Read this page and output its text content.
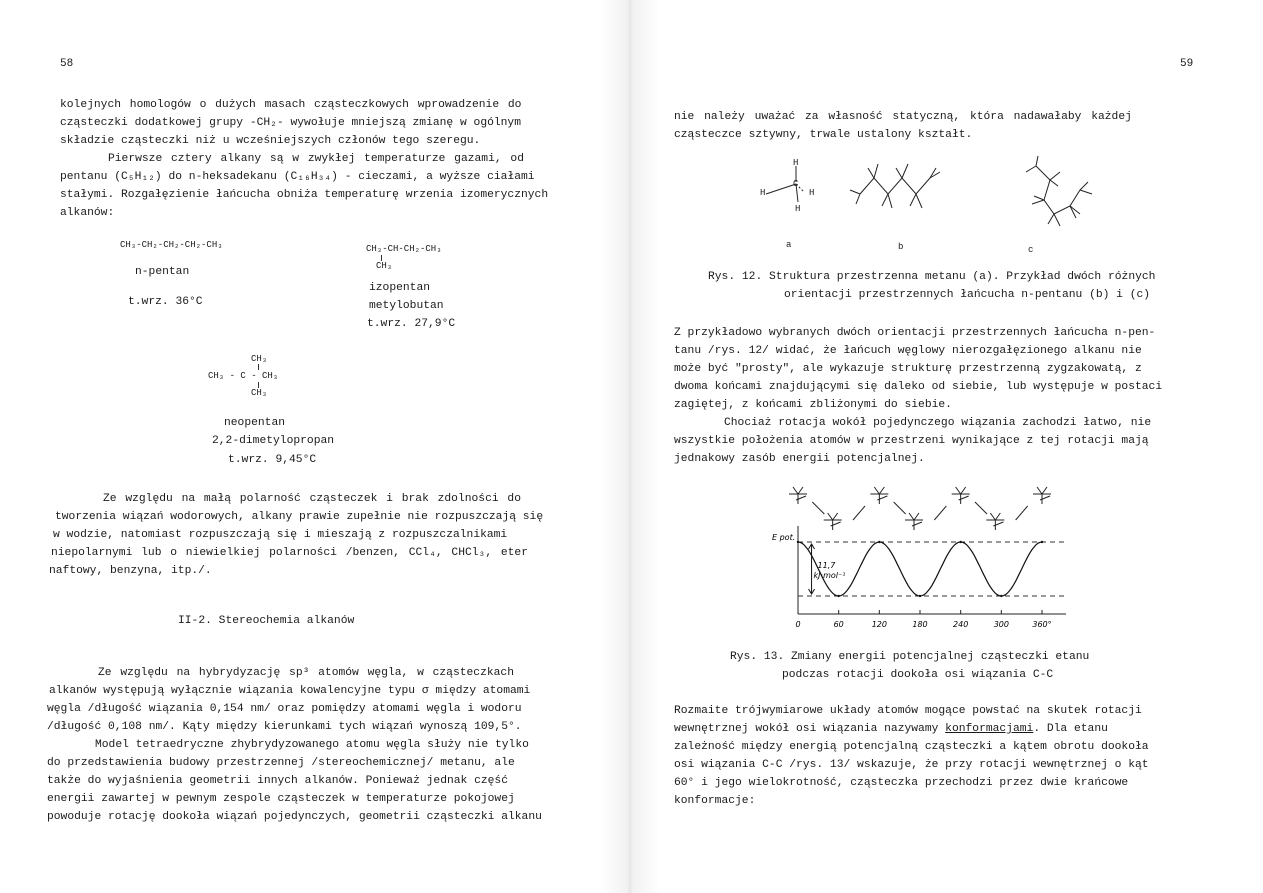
58
kolejnych homologów o dużych masach cząsteczkowych wprowadzenie do
cząsteczki dodatkowej grupy -CH₂- wywołuje mniejszą zmianę w ogólnym
składzie cząsteczki niż u wcześniejszych członów tego szeregu.
Pierwsze cztery alkany są w zwykłej temperaturze gazami, od
pentanu (C₅H₁₂) do n-heksadekanu (C₁₆H₃₄) - cieczami, a wyższe ciałami
stałymi. Rozgałęzienie łańcucha obniża temperaturę wrzenia izomerycznych
alkanów:
CH₃-CH₂-CH₂-CH₂-CH₃
n-pentan
t.wrz. 36°C
CH₃-CH-CH₂-CH₃
CH₃
izopentan
metylobutan
t.wrz. 27,9°C
CH₃
CH₃ - C - CH₃
CH₃
neopentan
2,2-dimetylopropan
t.wrz. 9,45°C
Ze względu na małą polarność cząsteczek i brak zdolności do
tworzenia wiązań wodorowych, alkany prawie zupełnie nie rozpuszczają się
w wodzie, natomiast rozpuszczają się i mieszają z rozpuszczalnikami
niepolarnymi lub o niewielkiej polarności /benzen, CCl₄, CHCl₃, eter
naftowy, benzyna, itp./.
II-2. Stereochemia alkanów
Ze względu na hybrydyzację sp³ atomów węgla, w cząsteczkach
alkanów występują wyłącznie wiązania kowalencyjne typu σ między atomami
węgla /długość wiązania 0,154 nm/ oraz pomiędzy atomami węgla i wodoru
/długość 0,108 nm/. Kąty między kierunkami tych wiązań wynoszą 109,5°.
Model tetraedryczne zhybrydyzowanego atomu węgla służy nie tylko
do przedstawienia budowy przestrzennej /stereochemicznej/ metanu, ale
także do wyjaśnienia geometrii innych alkanów. Ponieważ jednak część
energii zawartej w pewnym zespole cząsteczek w temperaturze pokojowej
powoduje rotację dookoła wiązań pojedynczych, geometrii cząsteczki alkanu
59
nie należy uważać za własność statyczną, która nadawałaby każdej
cząsteczce sztywny, trwale ustalony kształt.
H
C
H	H
H
a	b	c
Rys. 12. Struktura przestrzenna metanu (a). Przykład dwóch różnych
orientacji przestrzennych łańcucha n-pentanu (b) i (c)
Z przykładowo wybranych dwóch orientacji przestrzennych łańcucha n-pen-
tanu /rys. 12/ widać, że łańcuch węglowy nierozgałęzionego alkanu nie
może być "prosty", ale wykazuje strukturę przestrzenną zygzakowatą, z
dwoma końcami znajdującymi się daleko od siebie, lub występuje w postaci
zagiętej, z końcami zbliżonymi do siebie.
Chociaż rotacja wokół pojedynczego wiązania zachodzi łatwo, nie
wszystkie położenia atomów w przestrzeni wynikające z tej rotacji mają
jednakowy zasób energii potencjalnej.
0	60	120	180	240	300	360°
E pot.
11,7
kJ·mol⁻¹
Rys. 13. Zmiany energii potencjalnej cząsteczki etanu
podczas rotacji dookoła osi wiązania C-C
Rozmaite trójwymiarowe układy atomów mogące powstać na skutek rotacji
wewnętrznej wokół osi wiązania nazywamy konformacjami. Dla etanu
zależność między energią potencjalną cząsteczki a kątem obrotu dookoła
osi wiązania C-C /rys. 13/ wskazuje, że przy rotacji wewnętrznej o kąt
60° i jego wielokrotność, cząsteczka przechodzi przez dwie krańcowe
konformacje:
